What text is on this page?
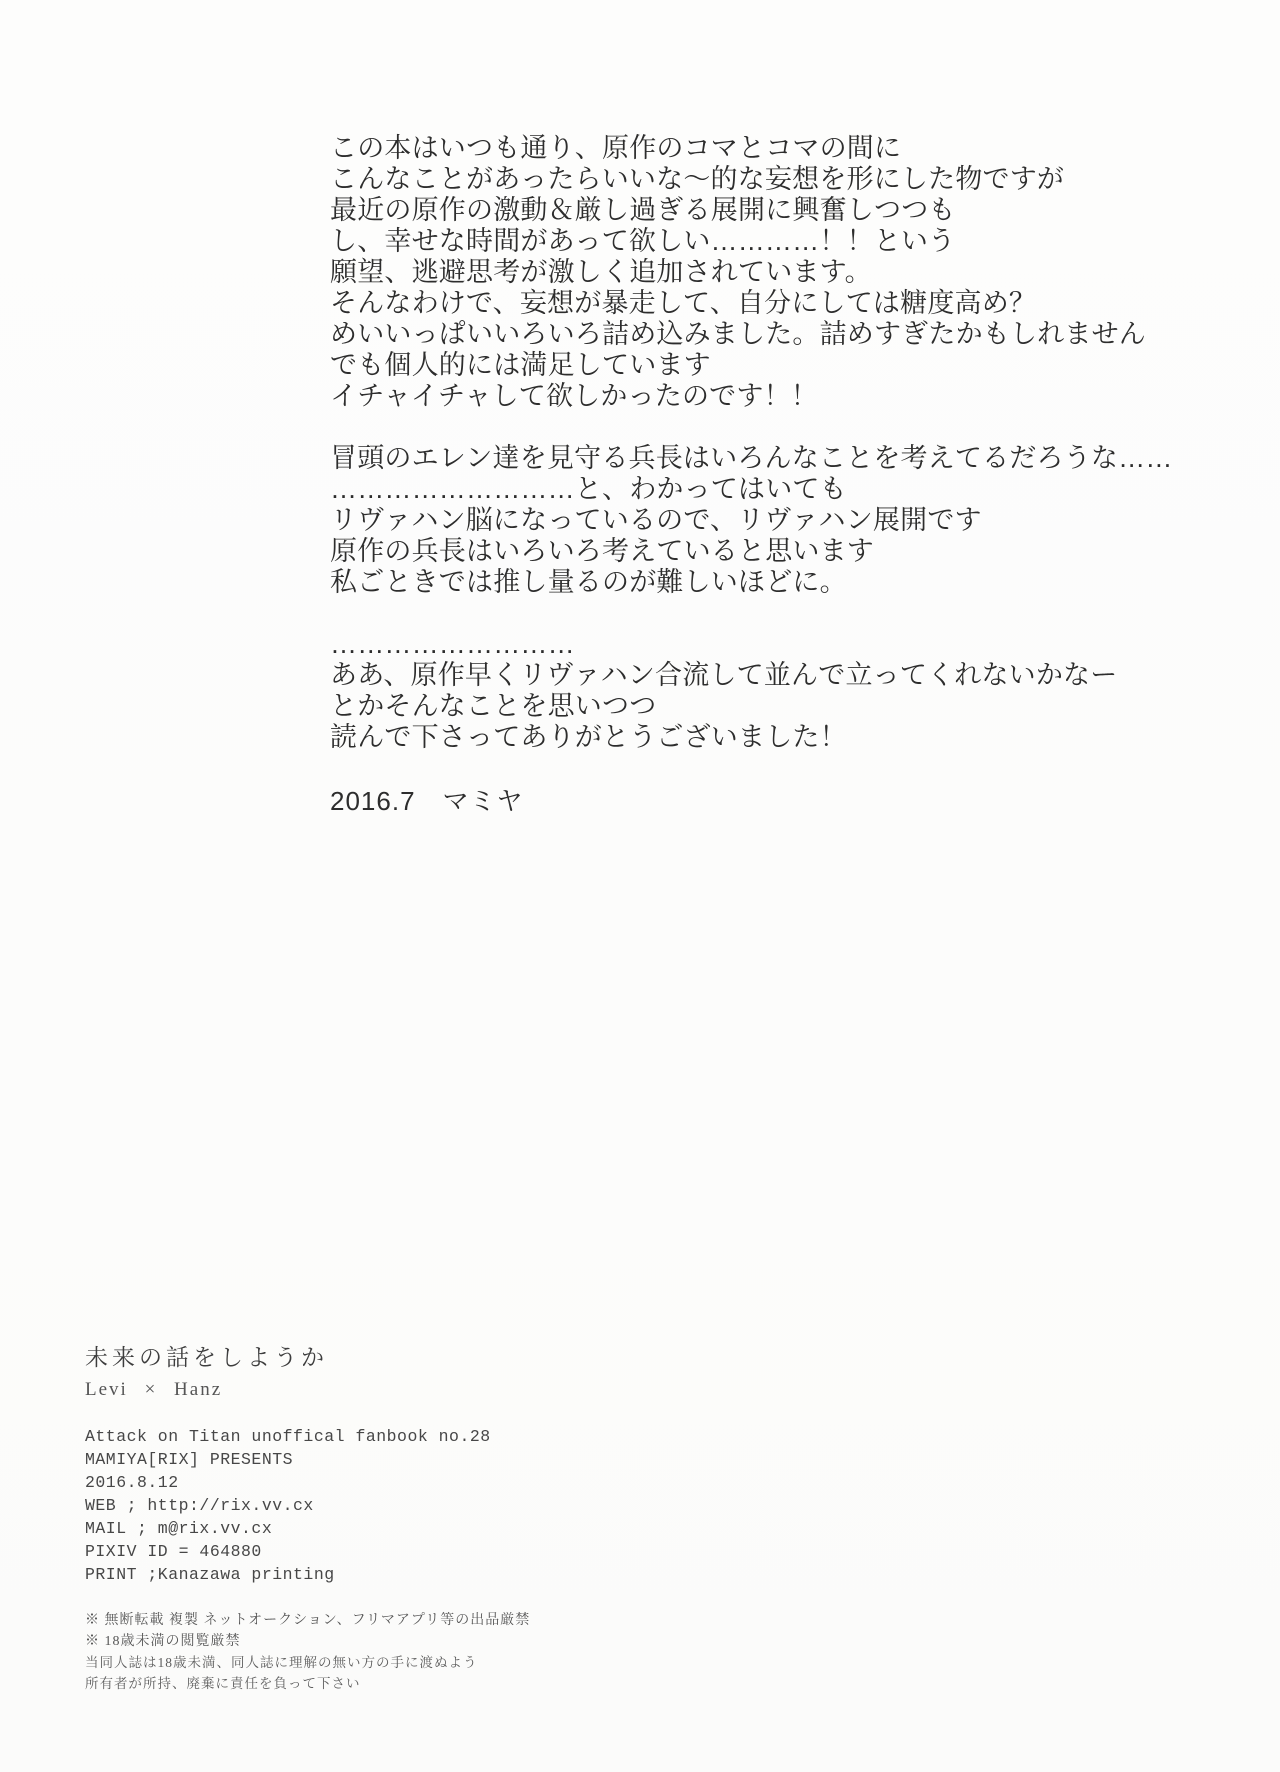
この本はいつも通り、原作のコマとコマの間に
こんなことがあったらいいな〜的な妄想を形にした物ですが
最近の原作の激動＆厳し過ぎる展開に興奮しつつも
し、幸せな時間があって欲しい…………！！という
願望、逃避思考が激しく追加されています。
そんなわけで、妄想が暴走して、自分にしては糖度高め？
めいいっぱいいろいろ詰め込みました。詰めすぎたかもしれません
でも個人的には満足しています
イチャイチャして欲しかったのです！！

冒頭のエレン達を見守る兵長はいろんなことを考えてるだろうな……
………………………と、わかってはいても
リヴァハン脳になっているので、リヴァハン展開です
原作の兵長はいろいろ考えていると思います
私ごときでは推し量るのが難しいほどに。

………………………
ああ、原作早くリヴァハン合流して並んで立ってくれないかなー
とかそんなことを思いつつ
読んで下さってありがとうございました！

2016.7　マミヤ
未来の話をしようか
Levi × Hanz
Attack on Titan unoffical fanbook no.28
MAMIYA[RIX] PRESENTS
2016.8.12
WEB ; http://rix.vv.cx
MAIL ; m@rix.vv.cx
PIXIV ID = 464880
PRINT ;Kanazawa printing
※ 無断転載 複製 ネットオークション、フリマアプリ等の出品厳禁
※ 18歳未満の閲覧厳禁
当同人誌は18歳未満、同人誌に理解の無い方の手に渡ぬよう
所有者が所持、廃棄に責任を負って下さい
